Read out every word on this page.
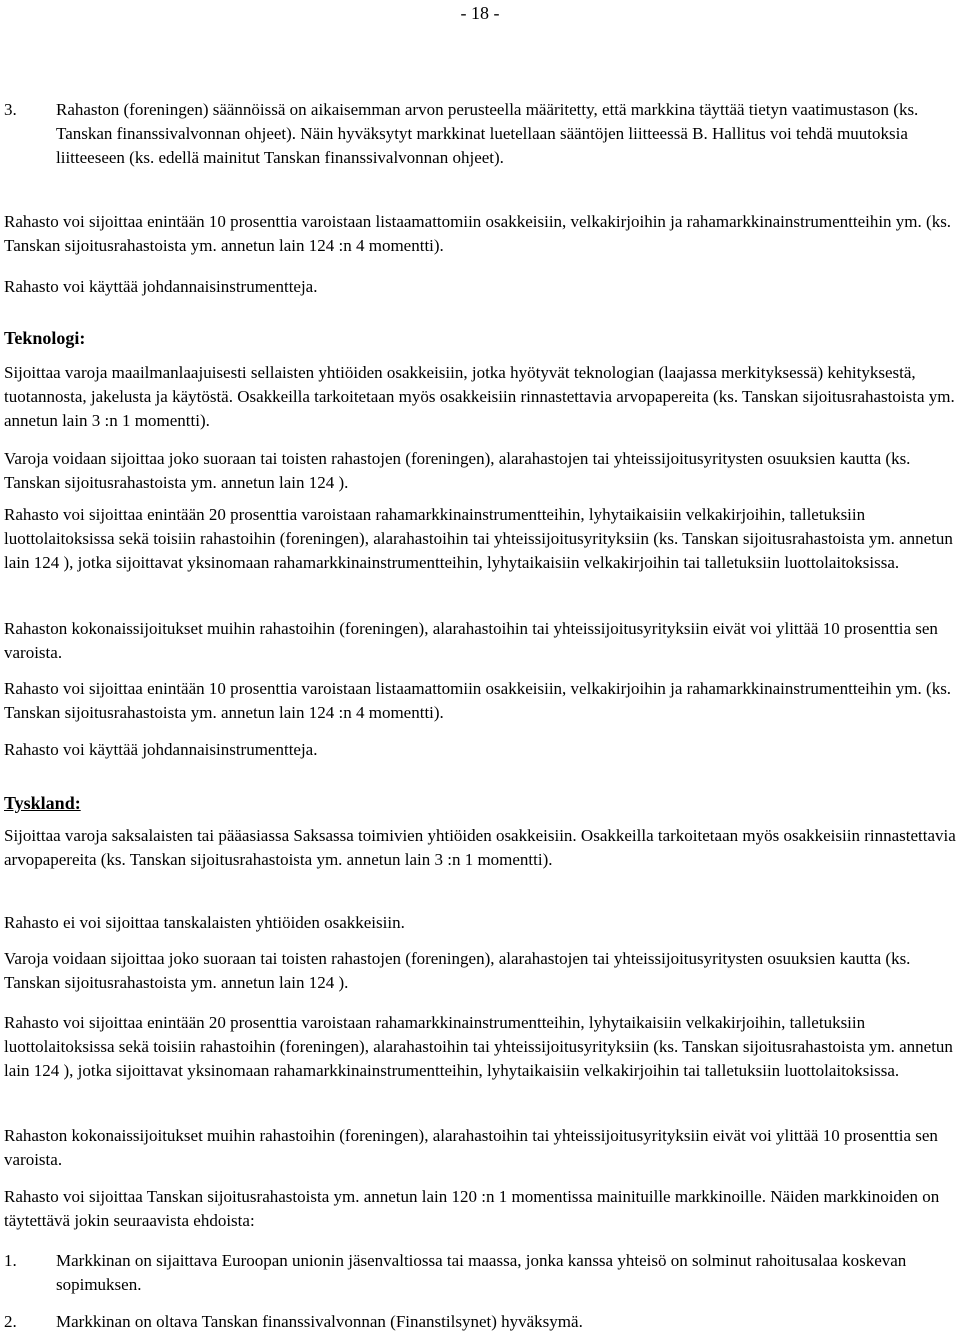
- 18 -

3. Rahaston (foreningen) säännöissä on aikaisemman arvon perusteella määritetty, että markkina täyttää tietyn vaatimustason (ks. Tanskan finanssivalvonnan ohjeet). Näin hyväksytyt markkinat luetellaan sääntöjen liitteessä B. Hallitus voi tehdä muutoksia liitteeseen (ks. edellä mainitut Tanskan finanssivalvonnan ohjeet).

Rahasto voi sijoittaa enintään 10 prosenttia varoistaan listaamattomiin osakkeisiin, velkakirjoihin ja rahamarkkinainstrumentteihin ym. (ks. Tanskan sijoitusrahastoista ym. annetun lain 124 :n 4 momentti).

Rahasto voi käyttää johdannaisinstrumentteja.

Teknologi:

Sijoittaa varoja maailmanlaajuisesti sellaisten yhtiöiden osakkeisiin, jotka hyötyvät teknologian (laajassa merkityksessä) kehityksestä, tuotannosta, jakelusta ja käytöstä. Osakkeilla tarkoitetaan myös osakkeisiin rinnastettavia arvopapereita (ks. Tanskan sijoitusrahastoista ym. annetun lain 3 :n 1 momentti).

Varoja voidaan sijoittaa joko suoraan tai toisten rahastojen (foreningen), alarahastojen tai yhteissijoitusyritysten osuuksien kautta (ks. Tanskan sijoitusrahastoista ym. annetun lain 124 ).

Rahasto voi sijoittaa enintään 20 prosenttia varoistaan rahamarkkinainstrumentteihin, lyhytaikaisiin velkakirjoihin, talletuksiin luottolaitoksissa sekä toisiin rahastoihin (foreningen), alarahastoihin tai yhteissijoitusyrityksiin (ks. Tanskan sijoitusrahastoista ym. annetun lain 124 ), jotka sijoittavat yksinomaan rahamarkkinainstrumentteihin, lyhytaikaisiin velkakirjoihin tai talletuksiin luottolaitoksissa.

Rahaston kokonaissijoitukset muihin rahastoihin (foreningen), alarahastoihin tai yhteissijoitusyrityksiin eivät voi ylittää 10 prosenttia sen varoista.

Rahasto voi sijoittaa enintään 10 prosenttia varoistaan listaamattomiin osakkeisiin, velkakirjoihin ja rahamarkkinainstrumentteihin ym. (ks. Tanskan sijoitusrahastoista ym. annetun lain 124 :n 4 momentti).

Rahasto voi käyttää johdannaisinstrumentteja.

Tyskland:

Sijoittaa varoja saksalaisten tai pääasiassa Saksassa toimivien yhtiöiden osakkeisiin. Osakkeilla tarkoitetaan myös osakkeisiin rinnastettavia arvopapereita (ks. Tanskan sijoitusrahastoista ym. annetun lain 3 :n 1 momentti).

Rahasto ei voi sijoittaa tanskalaisten yhtiöiden osakkeisiin.

Varoja voidaan sijoittaa joko suoraan tai toisten rahastojen (foreningen), alarahastojen tai yhteissijoitusyritysten osuuksien kautta (ks. Tanskan sijoitusrahastoista ym. annetun lain 124 ).

Rahasto voi sijoittaa enintään 20 prosenttia varoistaan rahamarkkinainstrumentteihin, lyhytaikaisiin velkakirjoihin, talletuksiin luottolaitoksissa sekä toisiin rahastoihin (foreningen), alarahastoihin tai yhteissijoitusyrityksiin (ks. Tanskan sijoitusrahastoista ym. annetun lain 124 ), jotka sijoittavat yksinomaan rahamarkkinainstrumentteihin, lyhytaikaisiin velkakirjoihin tai talletuksiin luottolaitoksissa.

Rahaston kokonaissijoitukset muihin rahastoihin (foreningen), alarahastoihin tai yhteissijoitusyrityksiin eivät voi ylittää 10 prosenttia sen varoista.

Rahasto voi sijoittaa Tanskan sijoitusrahastoista ym. annetun lain 120 :n 1 momentissa mainituille markkinoille. Näiden markkinoiden on täytettävä jokin seuraavista ehdoista:

1. Markkinan on sijaittava Euroopan unionin jäsenvaltiossa tai maassa, jonka kanssa yhteisö on solminut rahoitusalaa koskevan sopimuksen.

2. Markkinan on oltava Tanskan finanssivalvonnan (Finanstilsynet) hyväksymä.
